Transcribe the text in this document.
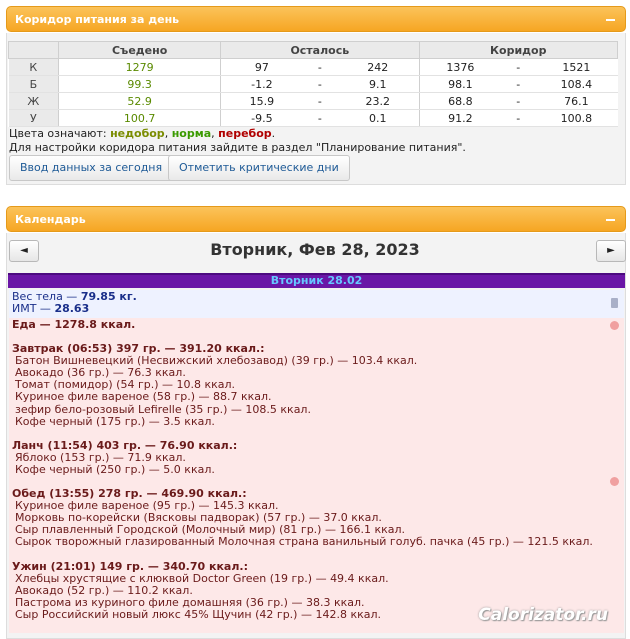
Коридор питания за день
	Съедено	Осталось			Коридор		
К	1279	97	-	242	1376	-	1521
Б	99.3	-1.2	-	9.1	98.1	-	108.4
Ж	52.9	15.9	-	23.2	68.8	-	76.1
У	100.7	-9.5	-	0.1	91.2	-	100.8
Цвета означают: недобор, норма, перебор.
Для настройки коридора питания зайдите в раздел "Планирование питания".
Ввод данных за сегодня	Отметить критические дни
Календарь
◄	Вторник, Фев 28, 2023	►
Вторник 28.02
Вес тела — 79.85 кг.
ИМТ — 28.63
Еда — 1278.8 ккал.
Завтрак (06:53) 397 гр. — 391.20 ккал.:
Батон Вишневецкий (Несвижский хлебозавод) (39 гр.) — 103.4 ккал.
Авокадо (36 гр.) — 76.3 ккал.
Томат (помидор) (54 гр.) — 10.8 ккал.
Куриное филе вареное (58 гр.) — 88.7 ккал.
зефир бело-розовый Lefirelle (35 гр.) — 108.5 ккал.
Кофе черный (175 гр.) — 3.5 ккал.
Ланч (11:54) 403 гр. — 76.90 ккал.:
Яблоко (153 гр.) — 71.9 ккал.
Кофе черный (250 гр.) — 5.0 ккал.
Обед (13:55) 278 гр. — 469.90 ккал.:
Куриное филе вареное (95 гр.) — 145.3 ккал.
Морковь по-корейски (Вясковы падворак) (57 гр.) — 37.0 ккал.
Сыр плавленный Городской (Молочный мир) (81 гр.) — 166.1 ккал.
Сырок творожный глазированный Молочная страна ванильный голуб. пачка (45 гр.) — 121.5 ккал.
Ужин (21:01) 149 гр. — 340.70 ккал.:
Хлебцы хрустящие с клюквой Doctor Green (19 гр.) — 49.4 ккал.
Авокадо (52 гр.) — 110.2 ккал.
Пастрома из куриного филе домашняя (36 гр.) — 38.3 ккал.
Сыр Российский новый люкс 45% Щучин (42 гр.) — 142.8 ккал.	Calorizator.ru
